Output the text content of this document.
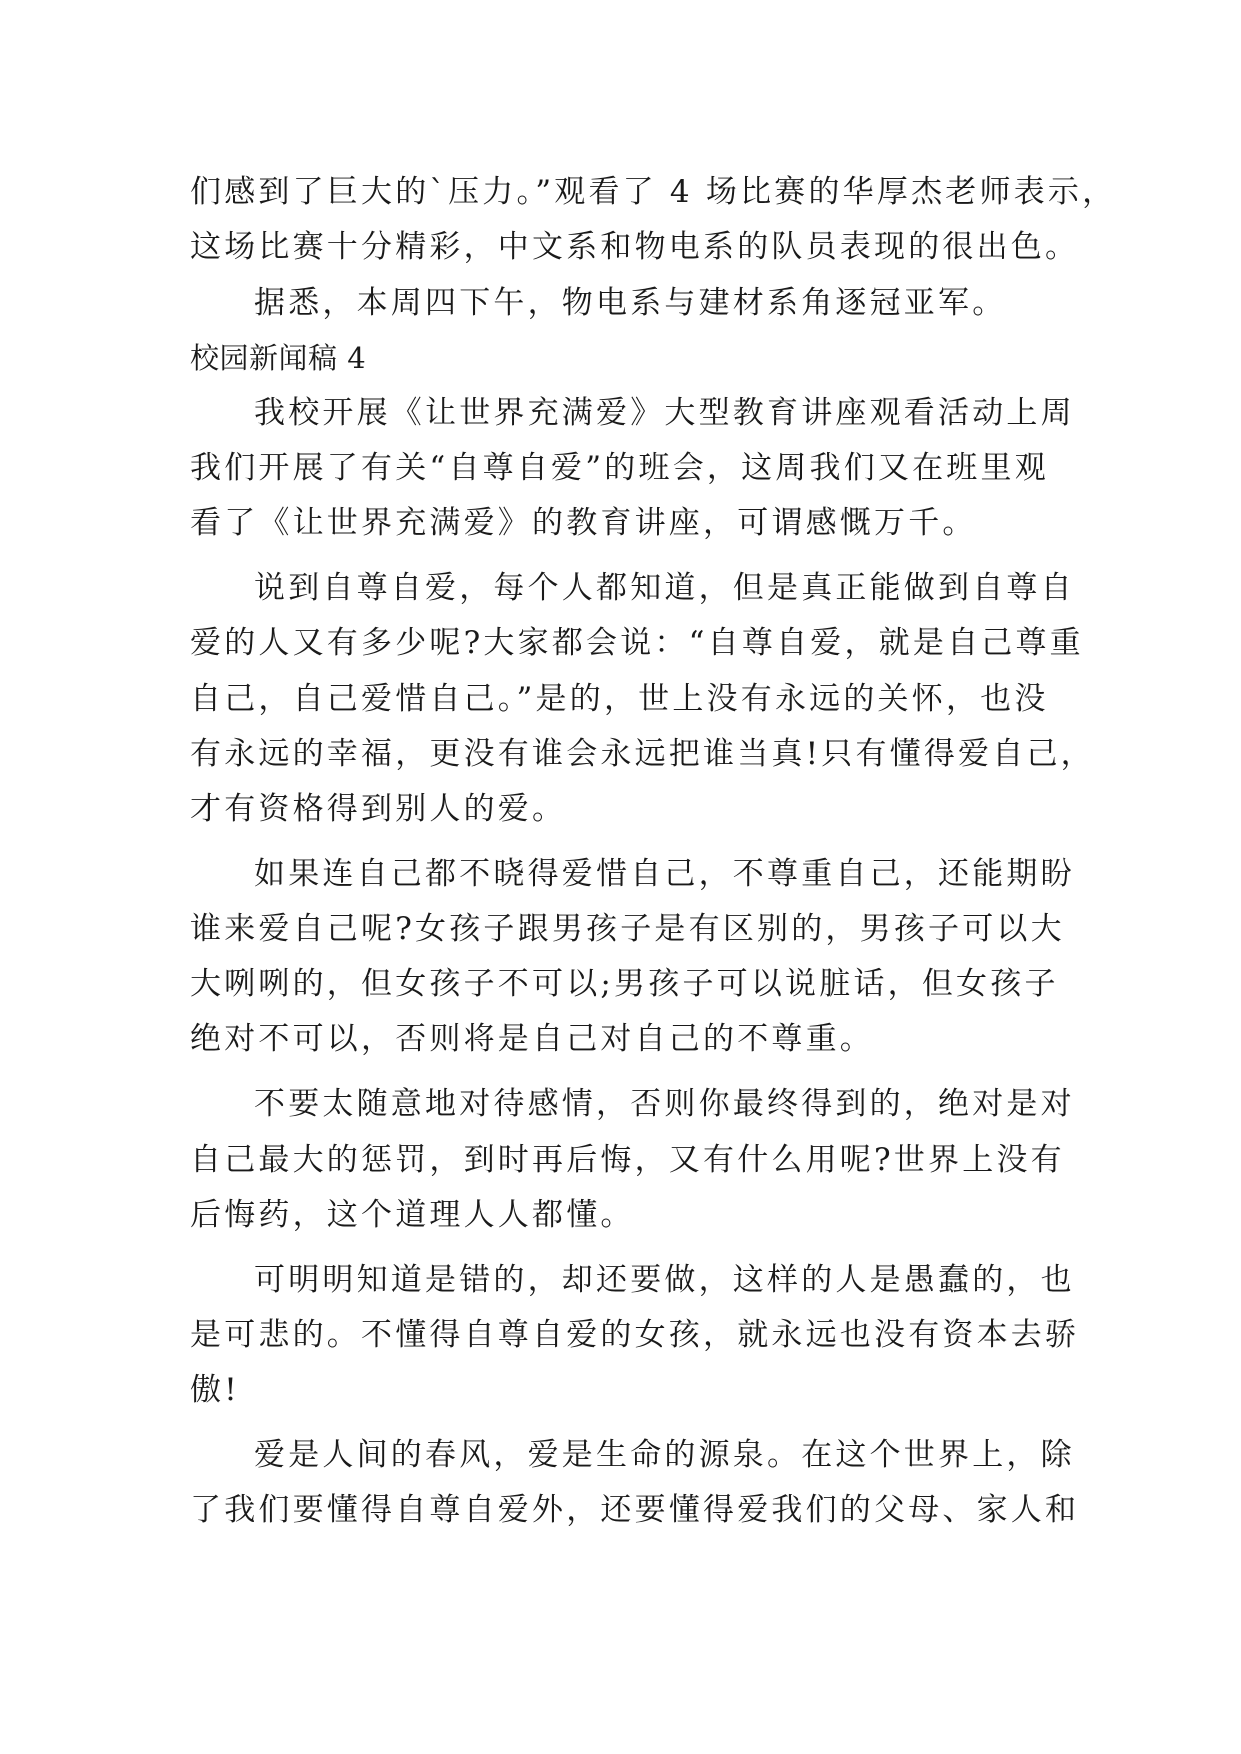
们感到了巨大的`压力。”观看了 4 场比赛的华厚杰老师表示，
这场比赛十分精彩，中文系和物电系的队员表现的很出色。
据悉，本周四下午，物电系与建材系角逐冠亚军。
校园新闻稿 4
我校开展《让世界充满爱》大型教育讲座观看活动上周
我们开展了有关“自尊自爱”的班会，这周我们又在班里观
看了《让世界充满爱》的教育讲座，可谓感慨万千。
说到自尊自爱，每个人都知道，但是真正能做到自尊自
爱的人又有多少呢?大家都会说：“自尊自爱，就是自己尊重
自己，自己爱惜自己。”是的，世上没有永远的关怀，也没
有永远的幸福，更没有谁会永远把谁当真!只有懂得爱自己，
才有资格得到别人的爱。
如果连自己都不晓得爱惜自己，不尊重自己，还能期盼
谁来爱自己呢?女孩子跟男孩子是有区别的，男孩子可以大
大咧咧的，但女孩子不可以;男孩子可以说脏话，但女孩子
绝对不可以，否则将是自己对自己的不尊重。
不要太随意地对待感情，否则你最终得到的，绝对是对
自己最大的惩罚，到时再后悔，又有什么用呢?世界上没有
后悔药，这个道理人人都懂。
可明明知道是错的，却还要做，这样的人是愚蠢的，也
是可悲的。不懂得自尊自爱的女孩，就永远也没有资本去骄
傲!
爱是人间的春风，爱是生命的源泉。在这个世界上，除
了我们要懂得自尊自爱外，还要懂得爱我们的父母、家人和
